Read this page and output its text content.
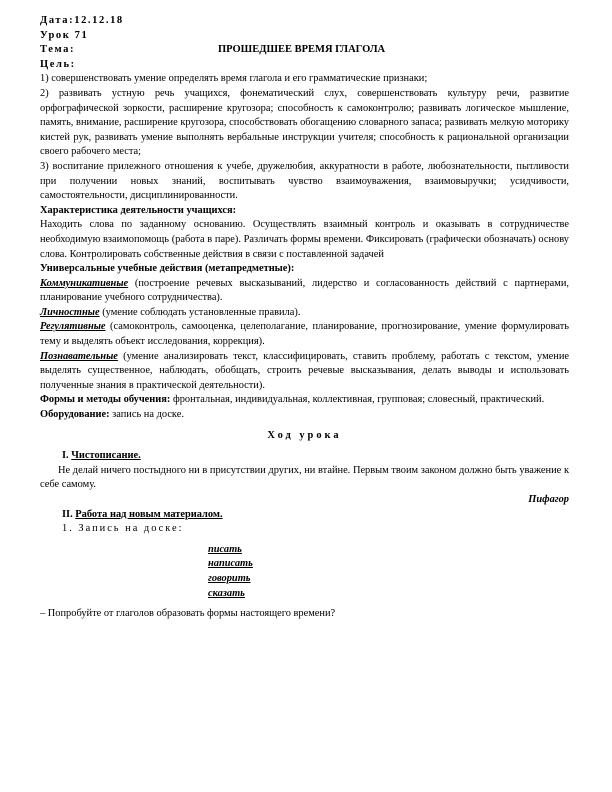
Дата:12.12.18
Урок 71
Тема:	ПРОШЕДШЕЕ ВРЕМЯ ГЛАГОЛА
Цель:
1) совершенствовать умение определять время глагола и его грамматические признаки;
2) развивать устную речь учащихся, фонематический слух, совершенствовать культуру речи, развитие орфографической зоркости, расширение кругозора; способность к самоконтролю; развивать логическое мышление, память, внимание, расширение кругозора, способствовать обогащению словарного запаса; развивать мелкую моторику кистей рук, развивать умение выполнять вербальные инструкции учителя; способность к рациональной организации своего рабочего места;
3) воспитание прилежного отношения к учебе, дружелюбия, аккуратности в работе, любознательности, пытливости при получении новых знаний, воспитывать чувство взаимоуважения, взаимовыручки; усидчивости, самостоятельности, дисциплинированности.
Характеристика деятельности учащихся:
Находить слова по заданному основанию. Осуществлять взаимный контроль и оказывать в сотрудничестве необходимую взаимопомощь (работа в паре). Различать формы времени. Фиксировать (графически обозначать) основу слова. Контролировать собственные действия в связи с поставленной задачей
Универсальные учебные действия (метапредметные):
Коммуникативные (построение речевых высказываний, лидерство и согласованность действий с партнерами, планирование учебного сотрудничества).
Личностные (умение соблюдать установленные правила).
Регулятивные (самоконтроль, самооценка, целеполагание, планирование, прогнозирование, умение формулировать тему и выделять объект исследования, коррекция).
Познавательные (умение анализировать текст, классифицировать, ставить проблему, работать с текстом, умение выделять существенное, наблюдать, обобщать, строить речевые высказывания, делать выводы и использовать полученные знания в практической деятельности).
Формы и методы обучения: фронтальная, индивидуальная, коллективная, групповая; словесный, практический.
Оборудование: запись на доске.
Ход урока
I. Чистописание.
Не делай ничего постыдного ни в присутствии других, ни втайне. Первым твоим законом должно быть уважение к себе самому.
Пифагор
II. Работа над новым материалом.
1. Запись на доске:
писать
написать
говорить
сказать
– Попробуйте от глаголов образовать формы настоящего времени?
